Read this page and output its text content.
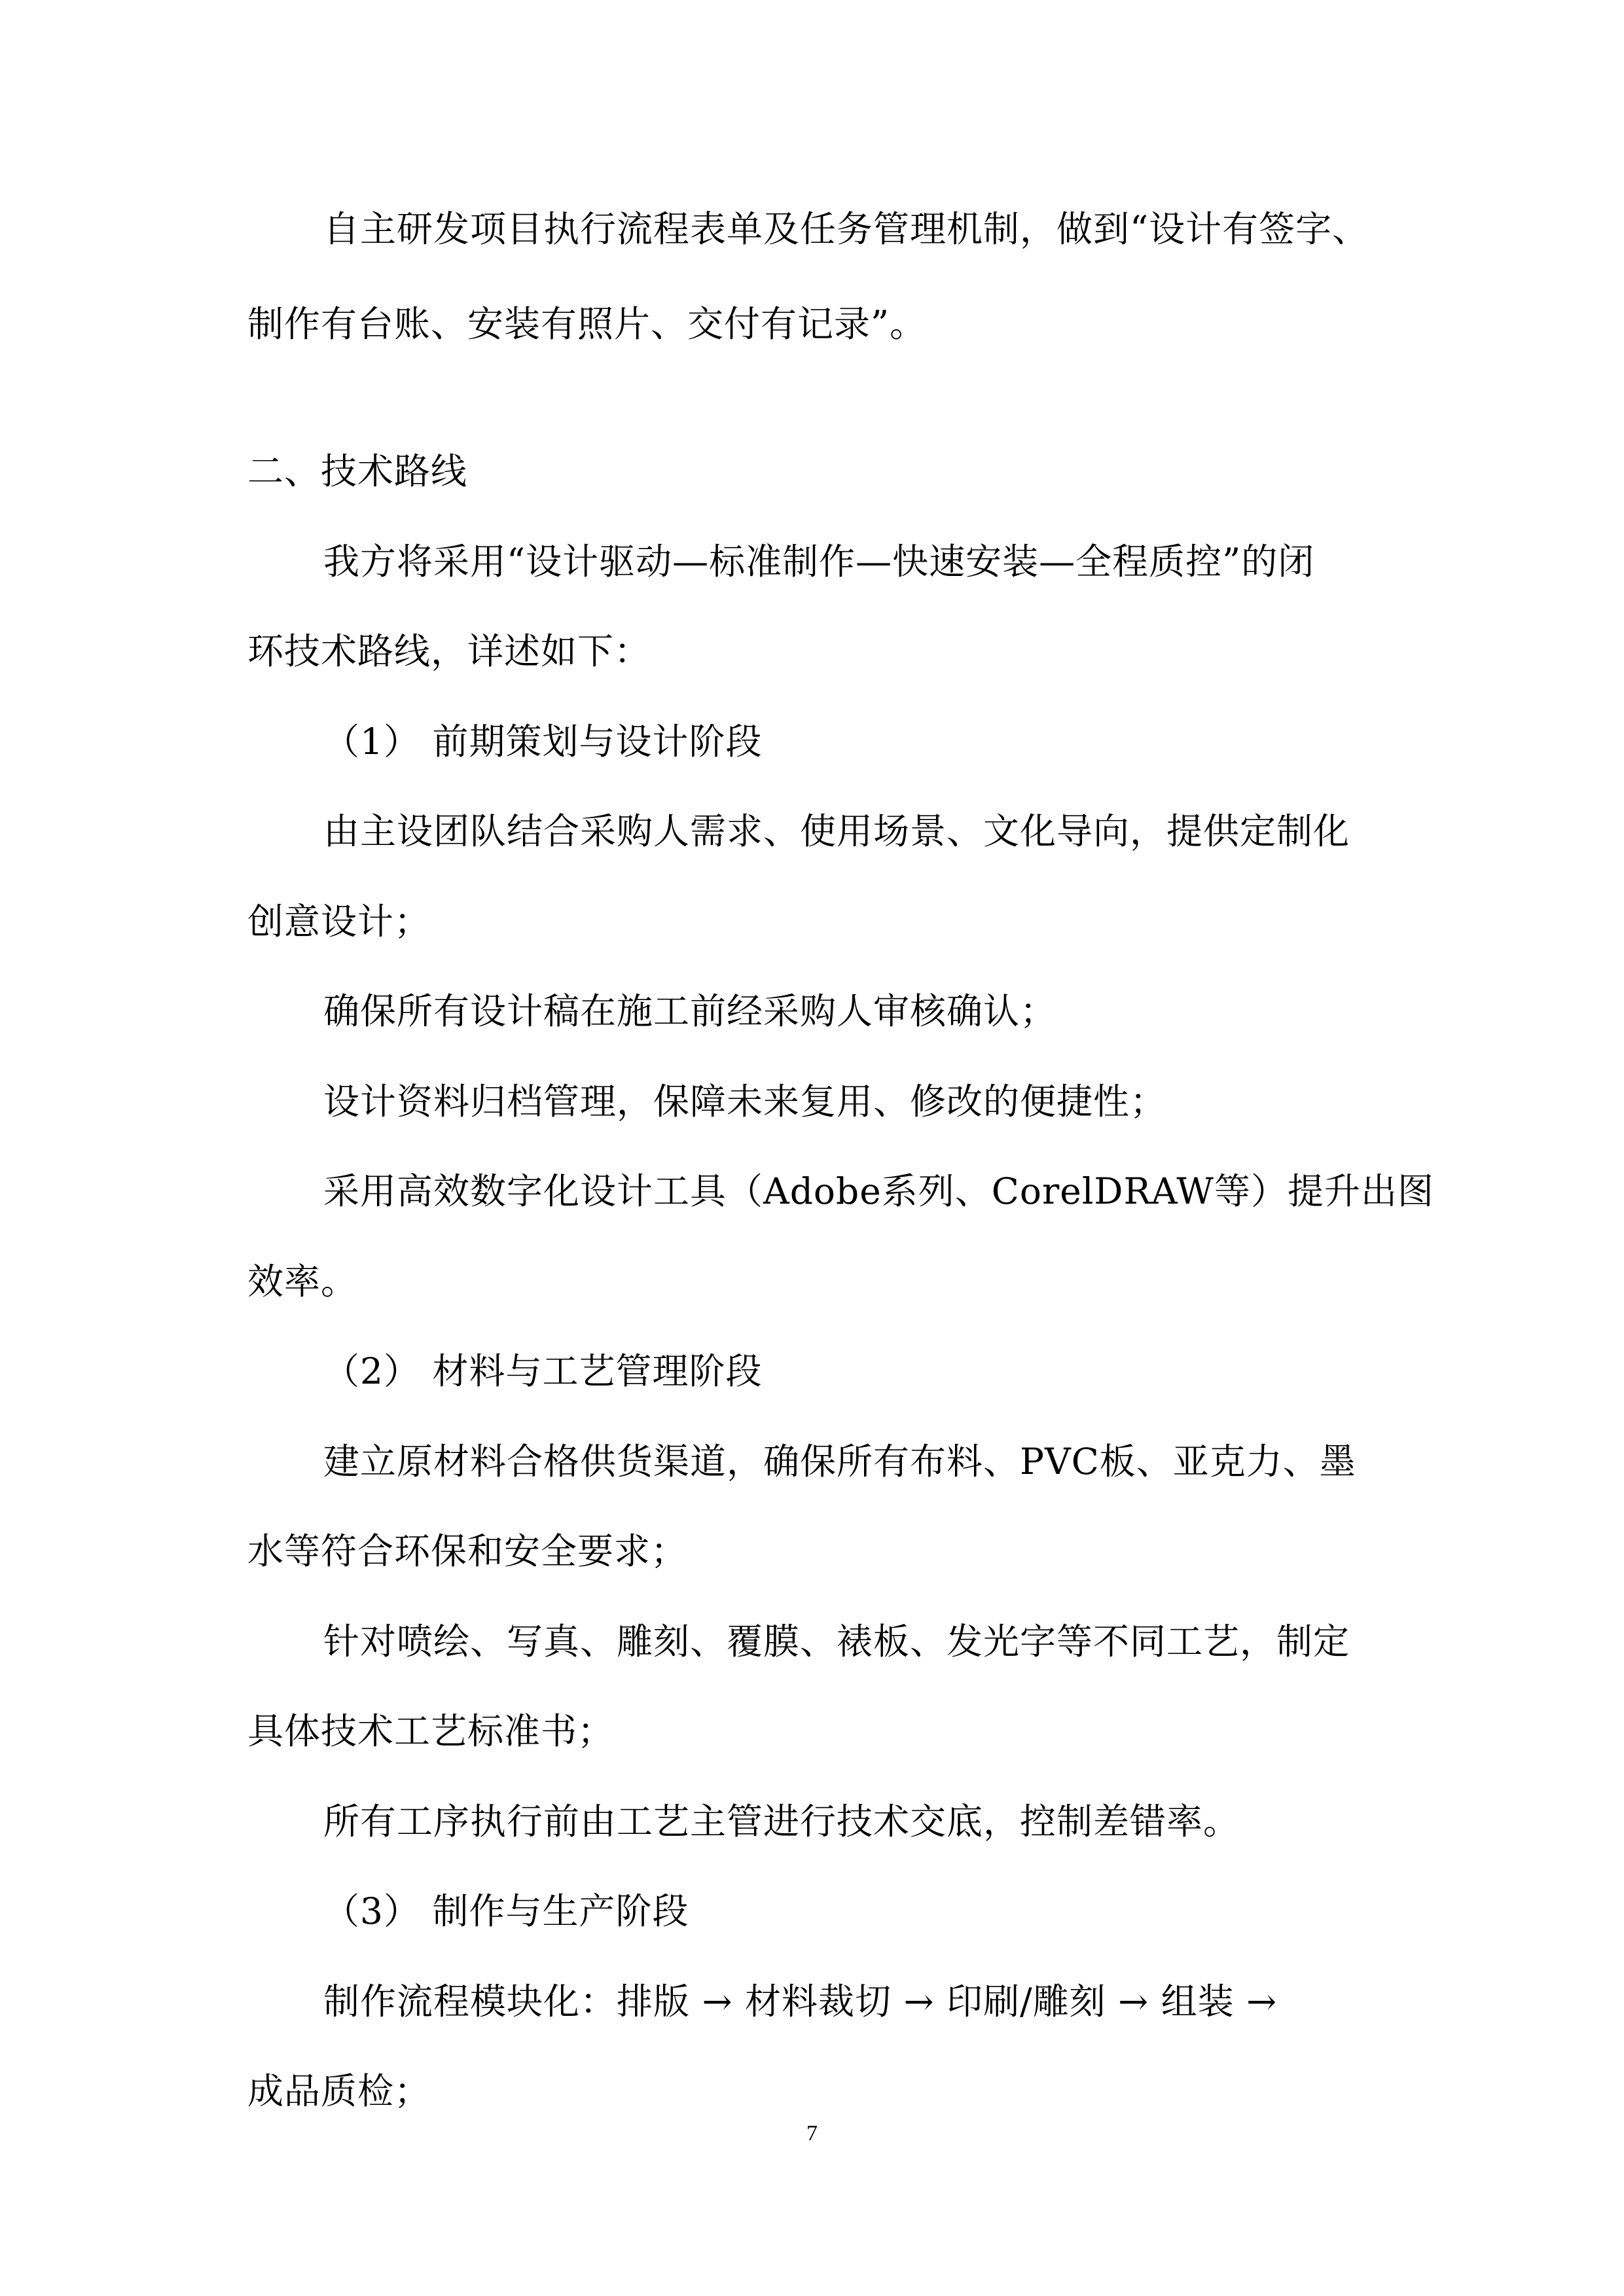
自主研发项目执行流程表单及任务管理机制，做到“设计有签字、
制作有台账、安装有照片、交付有记录”。
二、技术路线
我方将采用“设计驱动—标准制作—快速安装—全程质控”的闭
环技术路线，详述如下：
（1） 前期策划与设计阶段
由主设团队结合采购人需求、使用场景、文化导向，提供定制化
创意设计；
确保所有设计稿在施工前经采购人审核确认；
设计资料归档管理，保障未来复用、修改的便捷性；
采用高效数字化设计工具（Adobe系列、CorelDRAW等）提升出图
效率。
（2） 材料与工艺管理阶段
建立原材料合格供货渠道，确保所有布料、PVC板、亚克力、墨
水等符合环保和安全要求；
针对喷绘、写真、雕刻、覆膜、裱板、发光字等不同工艺，制定
具体技术工艺标准书；
所有工序执行前由工艺主管进行技术交底，控制差错率。
（3） 制作与生产阶段
制作流程模块化：排版 → 材料裁切 → 印刷/雕刻 → 组装 →
成品质检；
7
